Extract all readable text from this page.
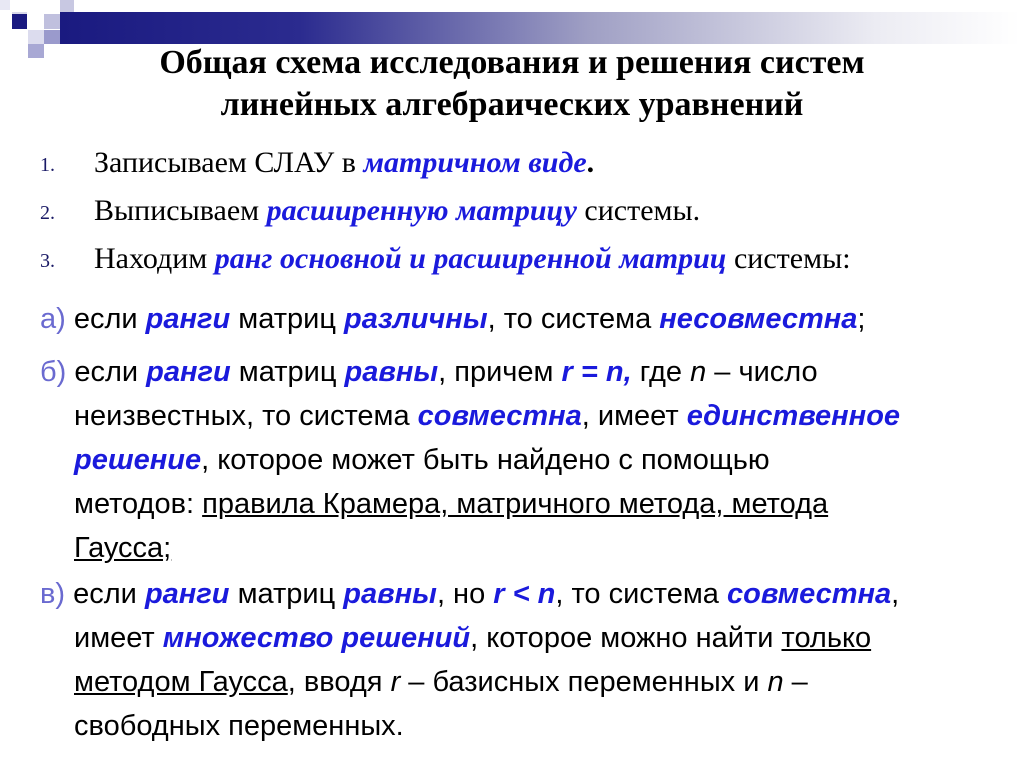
Общая схема исследования и решения систем
линейных алгебраических уравнений
1. Записываем СЛАУ в матричном виде.
2. Выписываем расширенную матрицу системы.
3. Находим ранг основной и расширенной матриц системы:
а) если ранги матриц различны, то система несовместна;
б) если ранги матриц равны, причем r = n, где n – число
неизвестных, то система совместна, имеет единственное
решение, которое может быть найдено с помощью
методов: правила Крамера, матричного метода, метода
Гаусса;
в) если ранги матриц равны, но r < n, то система совместна,
имеет множество решений, которое можно найти только
методом Гаусса, вводя r – базисных переменных и n –
свободных переменных.
